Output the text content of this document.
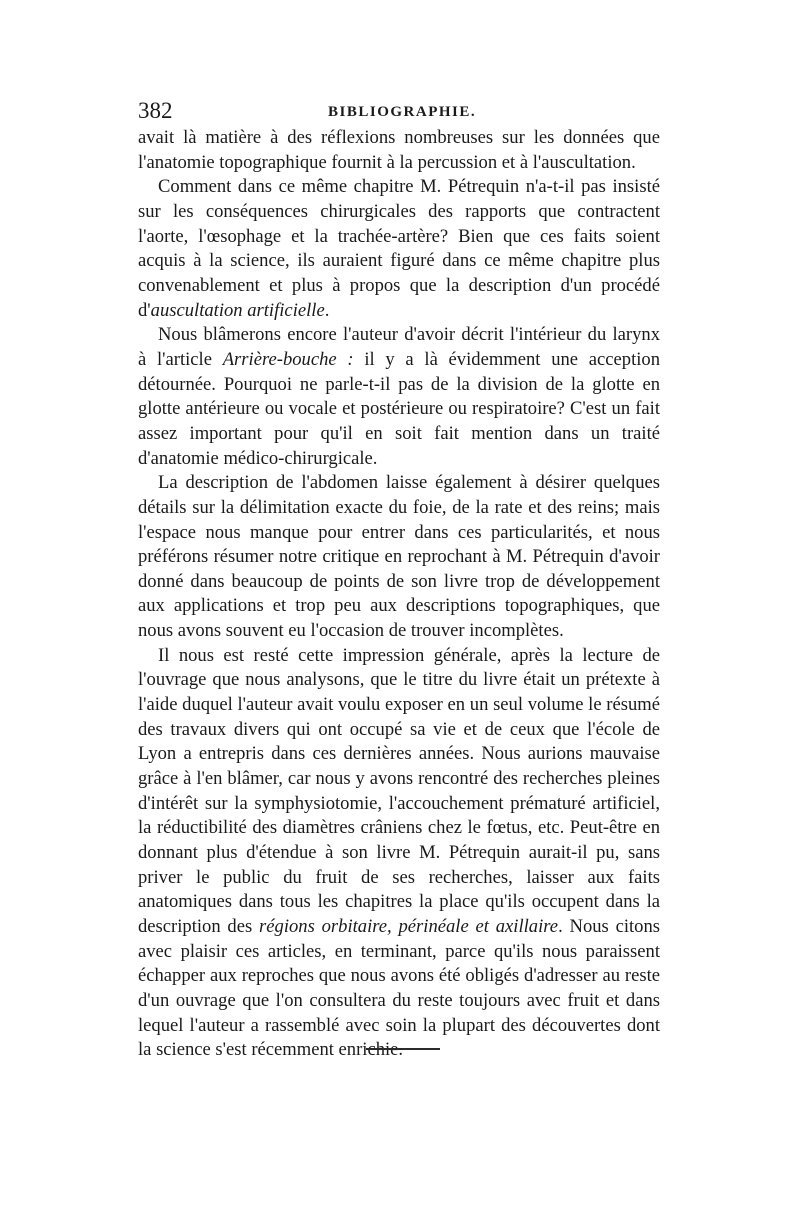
382	BIBLIOGRAPHIE.

avait là matière à des réflexions nombreuses sur les données que l'anatomie topographique fournit à la percussion et à l'auscultation.

Comment dans ce même chapitre M. Pétrequin n'a-t-il pas insisté sur les conséquences chirurgicales des rapports que contractent l'aorte, l'œsophage et la trachée-artère? Bien que ces faits soient acquis à la science, ils auraient figuré dans ce même chapitre plus convenablement et plus à propos que la description d'un procédé d'auscultation artificielle.

Nous blâmerons encore l'auteur d'avoir décrit l'intérieur du larynx à l'article Arrière-bouche : il y a là évidemment une acception détournée. Pourquoi ne parle-t-il pas de la division de la glotte en glotte antérieure ou vocale et postérieure ou respiratoire? C'est un fait assez important pour qu'il en soit fait mention dans un traité d'anatomie médico-chirurgicale.

La description de l'abdomen laisse également à désirer quelques détails sur la délimitation exacte du foie, de la rate et des reins; mais l'espace nous manque pour entrer dans ces particularités, et nous préférons résumer notre critique en reprochant à M. Pétrequin d'avoir donné dans beaucoup de points de son livre trop de développement aux applications et trop peu aux descriptions topographiques, que nous avons souvent eu l'occasion de trouver incomplètes.

Il nous est resté cette impression générale, après la lecture de l'ouvrage que nous analysons, que le titre du livre était un prétexte à l'aide duquel l'auteur avait voulu exposer en un seul volume le résumé des travaux divers qui ont occupé sa vie et de ceux que l'école de Lyon a entrepris dans ces dernières années. Nous aurions mauvaise grâce à l'en blâmer, car nous y avons rencontré des recherches pleines d'intérêt sur la symphysiotomie, l'accouchement prématuré artificiel, la réductibilité des diamètres crâniens chez le fœtus, etc. Peut-être en donnant plus d'étendue à son livre M. Pétrequin aurait-il pu, sans priver le public du fruit de ses recherches, laisser aux faits anatomiques dans tous les chapitres la place qu'ils occupent dans la description des régions orbitaire, périnéale et axillaire. Nous citons avec plaisir ces articles, en terminant, parce qu'ils nous paraissent échapper aux reproches que nous avons été obligés d'adresser au reste d'un ouvrage que l'on consultera du reste toujours avec fruit et dans lequel l'auteur a rassemblé avec soin la plupart des découvertes dont la science s'est récemment enrichie.
